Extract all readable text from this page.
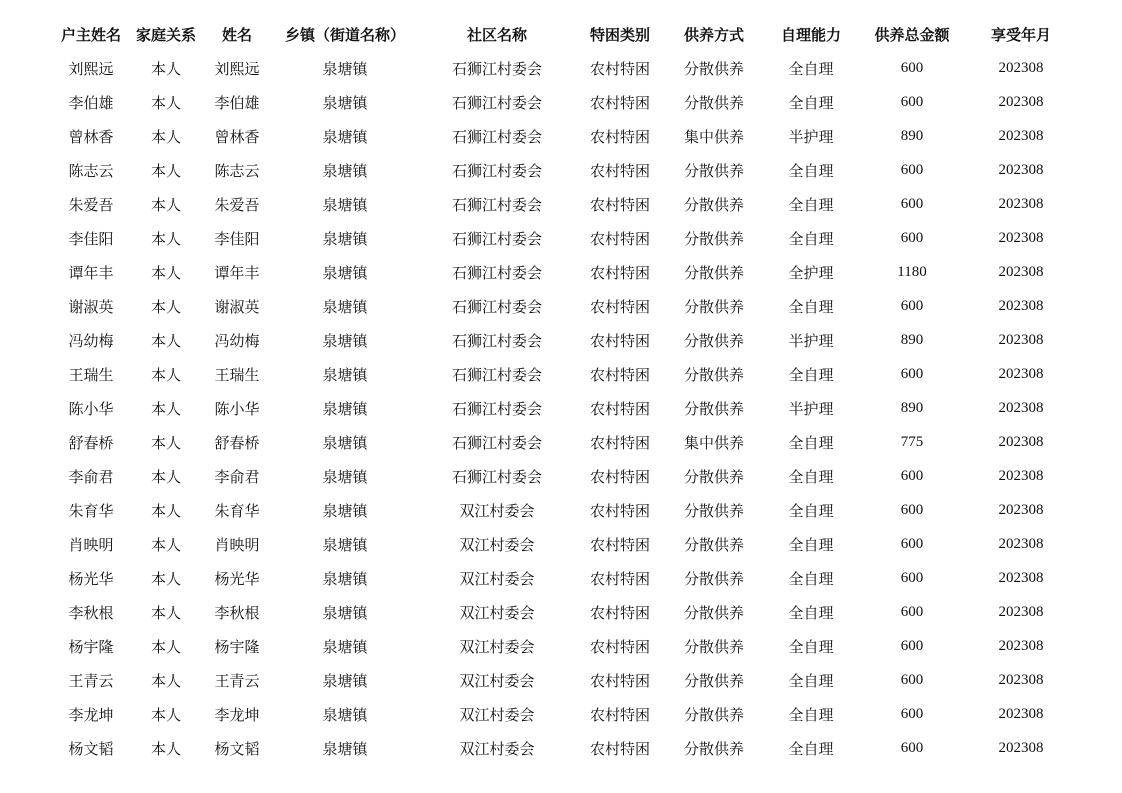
户主姓名	家庭关系	姓名	乡镇（街道名称）	社区名称	特困类别	供养方式	自理能力	供养总金额	享受年月
刘熙远	本人	刘熙远	泉塘镇	石狮江村委会	农村特困	分散供养	全自理	600	202308
李伯雄	本人	李伯雄	泉塘镇	石狮江村委会	农村特困	分散供养	全自理	600	202308
曾林香	本人	曾林香	泉塘镇	石狮江村委会	农村特困	集中供养	半护理	890	202308
陈志云	本人	陈志云	泉塘镇	石狮江村委会	农村特困	分散供养	全自理	600	202308
朱爱吾	本人	朱爱吾	泉塘镇	石狮江村委会	农村特困	分散供养	全自理	600	202308
李佳阳	本人	李佳阳	泉塘镇	石狮江村委会	农村特困	分散供养	全自理	600	202308
谭年丰	本人	谭年丰	泉塘镇	石狮江村委会	农村特困	分散供养	全护理	1180	202308
谢淑英	本人	谢淑英	泉塘镇	石狮江村委会	农村特困	分散供养	全自理	600	202308
冯幼梅	本人	冯幼梅	泉塘镇	石狮江村委会	农村特困	分散供养	半护理	890	202308
王瑞生	本人	王瑞生	泉塘镇	石狮江村委会	农村特困	分散供养	全自理	600	202308
陈小华	本人	陈小华	泉塘镇	石狮江村委会	农村特困	分散供养	半护理	890	202308
舒春桥	本人	舒春桥	泉塘镇	石狮江村委会	农村特困	集中供养	全自理	775	202308
李俞君	本人	李俞君	泉塘镇	石狮江村委会	农村特困	分散供养	全自理	600	202308
朱育华	本人	朱育华	泉塘镇	双江村委会	农村特困	分散供养	全自理	600	202308
肖映明	本人	肖映明	泉塘镇	双江村委会	农村特困	分散供养	全自理	600	202308
杨光华	本人	杨光华	泉塘镇	双江村委会	农村特困	分散供养	全自理	600	202308
李秋根	本人	李秋根	泉塘镇	双江村委会	农村特困	分散供养	全自理	600	202308
杨宇隆	本人	杨宇隆	泉塘镇	双江村委会	农村特困	分散供养	全自理	600	202308
王青云	本人	王青云	泉塘镇	双江村委会	农村特困	分散供养	全自理	600	202308
李龙坤	本人	李龙坤	泉塘镇	双江村委会	农村特困	分散供养	全自理	600	202308
杨文韬	本人	杨文韬	泉塘镇	双江村委会	农村特困	分散供养	全自理	600	202308
